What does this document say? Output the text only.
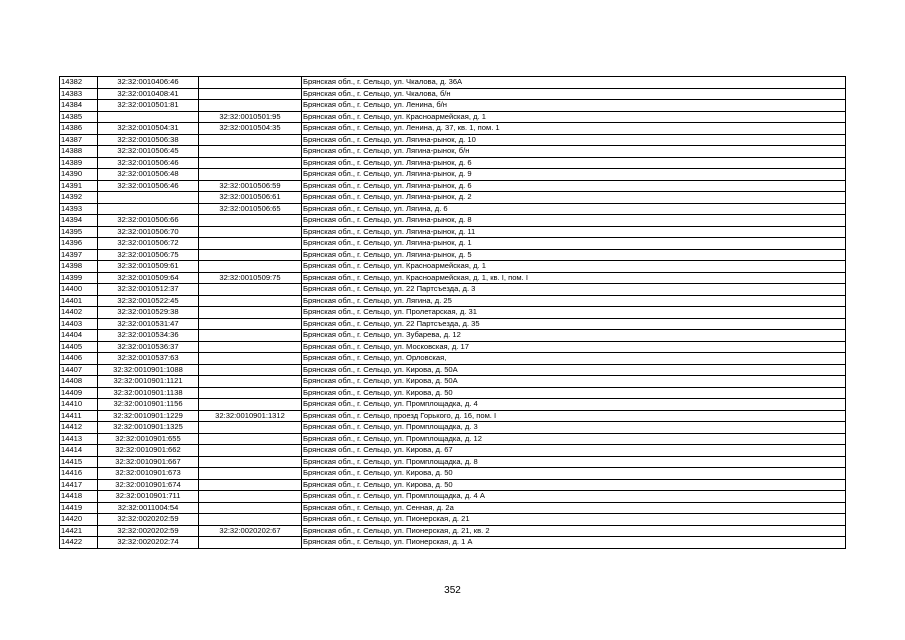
14382	32:32:0010406:46		Брянская обл., г. Сельцо, ул. Чкалова, д. 36А
14383	32:32:0010408:41		Брянская обл., г. Сельцо, ул. Чкалова, б/н
14384	32:32:0010501:81		Брянская обл., г. Сельцо, ул. Ленина, б/н
14385		32:32:0010501:95	Брянская обл., г. Сельцо, ул. Красноармейская, д. 1
14386	32:32:0010504:31	32:32:0010504:35	Брянская обл., г. Сельцо, ул. Ленина, д. 37, кв. 1, пом. 1
14387	32:32:0010506:38		Брянская обл., г. Сельцо, ул. Лягина-рынок, д. 10
14388	32:32:0010506:45		Брянская обл., г. Сельцо, ул. Лягина-рынок, б/н
14389	32:32:0010506:46		Брянская обл., г. Сельцо, ул. Лягина-рынок, д. 6
14390	32:32:0010506:48		Брянская обл., г. Сельцо, ул. Лягина-рынок, д. 9
14391	32:32:0010506:46	32:32:0010506:59	Брянская обл., г. Сельцо, ул. Лягина-рынок, д. 6
14392		32:32:0010506:61	Брянская обл., г. Сельцо, ул. Лягина-рынок, д. 2
14393		32:32:0010506:65	Брянская обл., г. Сельцо, ул. Лягина, д. 6
14394	32:32:0010506:66		Брянская обл., г. Сельцо, ул. Лягина-рынок, д. 8
14395	32:32:0010506:70		Брянская обл., г. Сельцо, ул. Лягина-рынок, д. 11
14396	32:32:0010506:72		Брянская обл., г. Сельцо, ул. Лягина-рынок, д. 1
14397	32:32:0010506:75		Брянская обл., г. Сельцо, ул. Лягина-рынок, д. 5
14398	32:32:0010509:61		Брянская обл., г. Сельцо, ул. Красноармейская, д. 1
14399	32:32:0010509:64	32:32:0010509:75	Брянская обл., г. Сельцо, ул. Красноармейская, д. 1, кв. I, пом. I
14400	32:32:0010512:37		Брянская обл., г. Сельцо, ул. 22 Партсъезда, д. 3
14401	32:32:0010522:45		Брянская обл., г. Сельцо, ул. Лягина, д. 25
14402	32:32:0010529:38		Брянская обл., г. Сельцо, ул. Пролетарская, д. 31
14403	32:32:0010531:47		Брянская обл., г. Сельцо, ул. 22 Партсъезда, д. 35
14404	32:32:0010534:36		Брянская обл., г. Сельцо, ул. Зубарева, д. 12
14405	32:32:0010536:37		Брянская обл., г. Сельцо, ул. Московская, д. 17
14406	32:32:0010537:63		Брянская обл., г. Сельцо, ул. Орловская,
14407	32:32:0010901:1088		Брянская обл., г. Сельцо, ул. Кирова, д. 50А
14408	32:32:0010901:1121		Брянская обл., г. Сельцо, ул. Кирова, д. 50А
14409	32:32:0010901:1138		Брянская обл., г. Сельцо, ул. Кирова, д. 50
14410	32:32:0010901:1156		Брянская обл., г. Сельцо, ул. Промплощадка, д. 4
14411	32:32:0010901:1229	32:32:0010901:1312	Брянская обл., г. Сельцо, проезд Горького, д. 16, пом. I
14412	32:32:0010901:1325		Брянская обл., г. Сельцо, ул. Промплощадка, д. 3
14413	32:32:0010901:655		Брянская обл., г. Сельцо, ул. Промплощадка, д. 12
14414	32:32:0010901:662		Брянская обл., г. Сельцо, ул. Кирова, д. 67
14415	32:32:0010901:667		Брянская обл., г. Сельцо, ул. Промплощадка, д. 8
14416	32:32:0010901:673		Брянская обл., г. Сельцо, ул. Кирова, д. 50
14417	32:32:0010901:674		Брянская обл., г. Сельцо, ул. Кирова, д. 50
14418	32:32:0010901:711		Брянская обл., г. Сельцо, ул. Промплощадка, д. 4 А
14419	32:32:0011004:54		Брянская обл., г. Сельцо, ул. Сенная, д. 2а
14420	32:32:0020202:59		Брянская обл., г. Сельцо, ул. Пионерская, д. 21
14421	32:32:0020202:59	32:32:0020202:67	Брянская обл., г. Сельцо, ул. Пионерская, д. 21, кв. 2
14422	32:32:0020202:74		Брянская обл., г. Сельцо, ул. Пионерская, д. 1 А
352
